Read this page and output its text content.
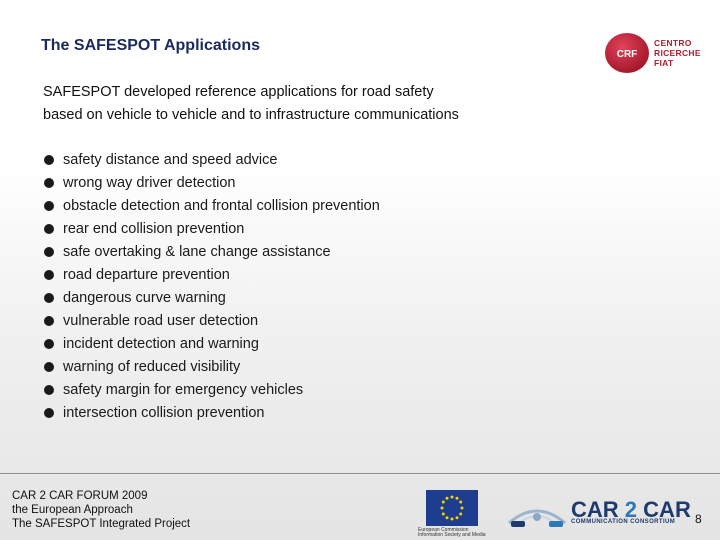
The SAFESPOT Applications
CRF
CENTRO
RICERCHE
FIAT
SAFESPOT developed reference applications for road safety
based on vehicle to vehicle and to infrastructure communications
safety distance and speed advice
wrong way driver detection
obstacle detection and frontal collision prevention
rear end collision prevention
safe overtaking & lane change assistance
road departure prevention
dangerous curve warning
vulnerable road user detection
incident detection and warning
warning of reduced visibility
safety margin for emergency vehicles
intersection collision prevention
CAR 2 CAR FORUM 2009
the European Approach
The SAFESPOT Integrated Project	European Commission
Information Society and Media
CAR 2 CAR
COMMUNICATION CONSORTIUM 8
